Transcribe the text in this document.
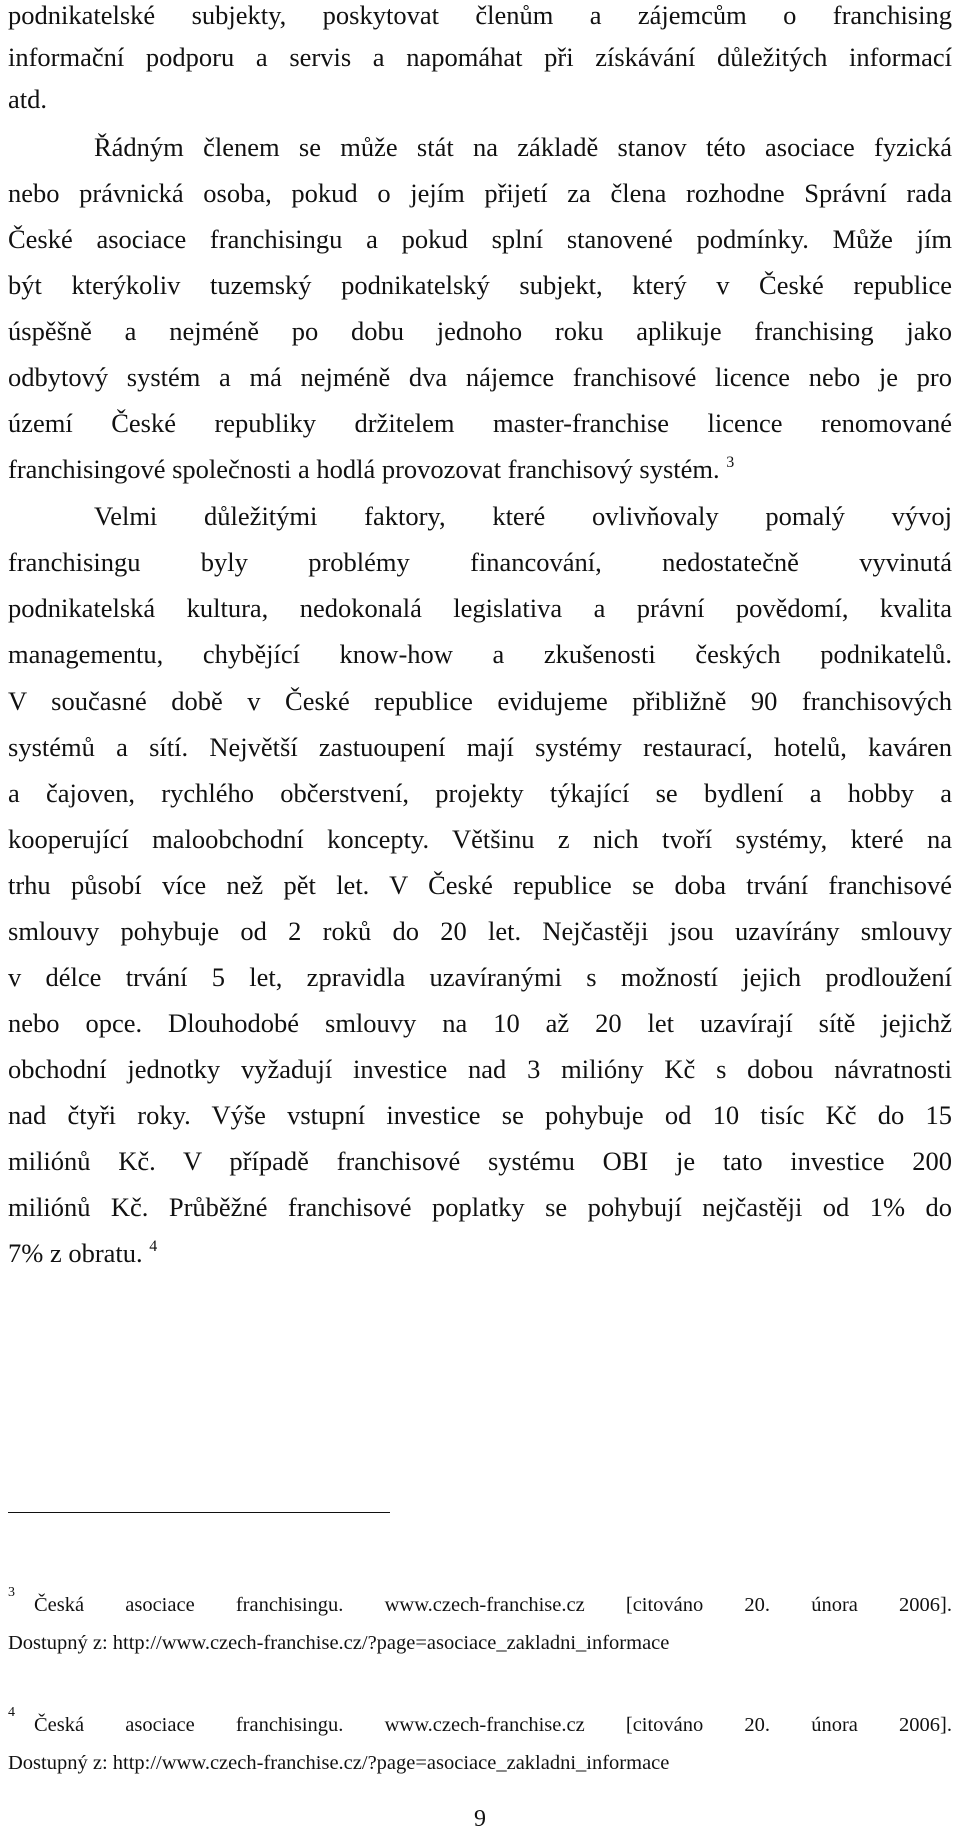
podnikatelské subjekty, poskytovat členům a zájemcům o franchising
informační podporu a servis a napomáhat při získávání důležitých informací
atd.
Řádným členem se může stát na základě stanov této asociace fyzická
nebo právnická osoba, pokud o jejím přijetí za člena rozhodne Správní rada
České asociace franchisingu a pokud splní stanovené podmínky. Může jím
být kterýkoliv tuzemský podnikatelský subjekt, který v České republice
úspěšně a nejméně po dobu jednoho roku aplikuje franchising jako
odbytový systém a má nejméně dva nájemce franchisové licence nebo je pro
území České republiky držitelem master-franchise licence renomované
franchisingové společnosti a hodlá provozovat franchisový systém. $^3$
Velmi důležitými faktory, které ovlivňovaly pomalý vývoj
franchisingu byly problémy financování, nedostatečně vyvinutá
podnikatelská kultura, nedokonalá legislativa a právní povědomí, kvalita
managementu, chybějící know-how a zkušenosti českých podnikatelů.
V současné době v České republice evidujeme přibližně 90 franchisových
systémů a sítí. Největší zastuoupení mají systémy restaurací, hotelů, kaváren
a čajoven, rychlého občerstvení, projekty týkající se bydlení a hobby a
kooperující maloobchodní koncepty. Většinu z nich tvoří systémy, které na
trhu působí více než pět let. V České republice se doba trvání franchisové
smlouvy pohybuje od 2 roků do 20 let. Nejčastěji jsou uzavírány smlouvy
v délce trvání 5 let, zpravidla uzavíranými s možností jejich prodloužení
nebo opce. Dlouhodobé smlouvy na 10 až 20 let uzavírají sítě jejichž
obchodní jednotky vyžadují investice nad 3 milióny Kč s dobou návratnosti
nad čtyři roky. Výše vstupní investice se pohybuje od 10 tisíc Kč do 15
miliónů Kč. V případě franchisové systému OBI je tato investice 200
miliónů Kč. Průběžné franchisové poplatky se pohybují nejčastěji od 1% do
7% z obratu. $^4$
3
Česká asociace franchisingu. www.czech-franchise.cz [citováno 20. února 2006].
Dostupný z: http://www.czech-franchise.cz/?page=asociace_zakladni_informace
4
Česká asociace franchisingu. www.czech-franchise.cz [citováno 20. února 2006].
Dostupný z: http://www.czech-franchise.cz/?page=asociace_zakladni_informace
9
